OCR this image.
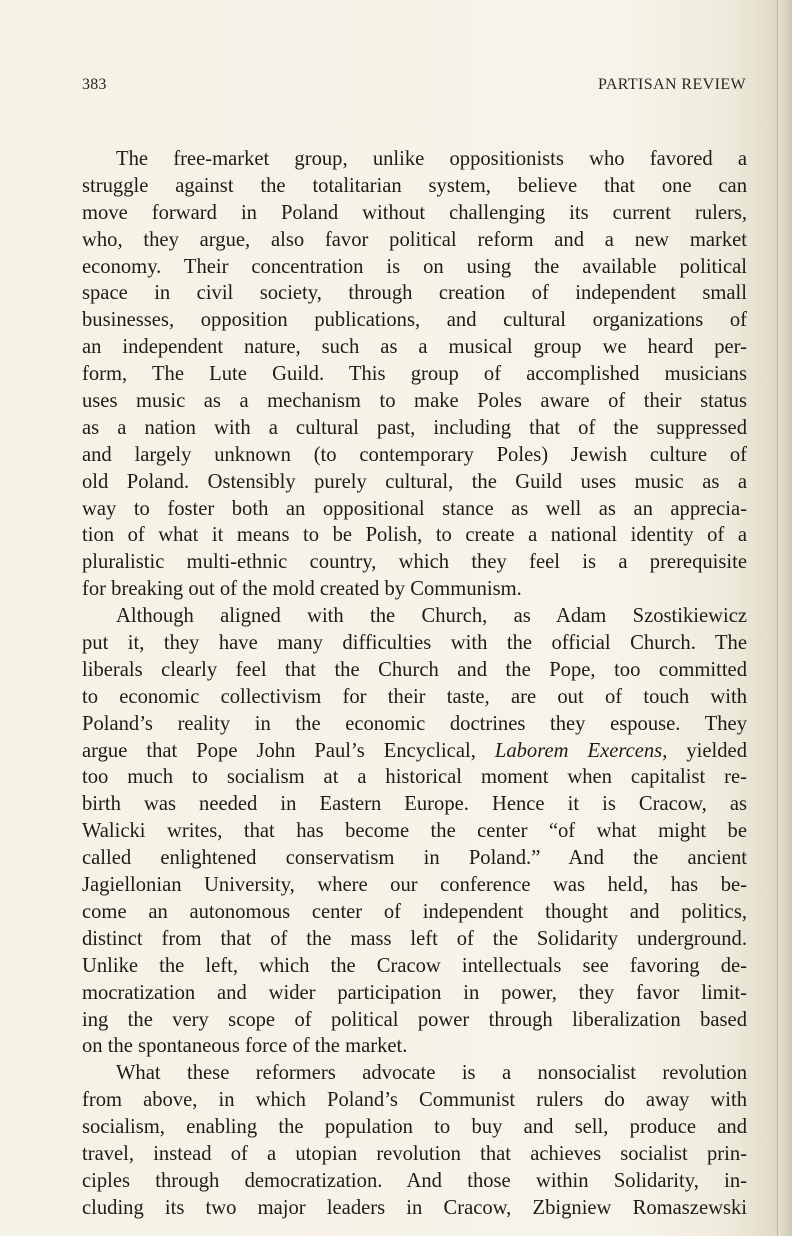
383	PARTISAN REVIEW
The free-market group, unlike oppositionists who favored a
struggle against the totalitarian system, believe that one can
move forward in Poland without challenging its current rulers,
who, they argue, also favor political reform and a new market
economy. Their concentration is on using the available political
space in civil society, through creation of independent small
businesses, opposition publications, and cultural organizations of
an independent nature, such as a musical group we heard per-
form, The Lute Guild. This group of accomplished musicians
uses music as a mechanism to make Poles aware of their status
as a nation with a cultural past, including that of the suppressed
and largely unknown (to contemporary Poles) Jewish culture of
old Poland. Ostensibly purely cultural, the Guild uses music as a
way to foster both an oppositional stance as well as an apprecia-
tion of what it means to be Polish, to create a national identity of a
pluralistic multi-ethnic country, which they feel is a prerequisite
for breaking out of the mold created by Communism.
Although aligned with the Church, as Adam Szostikiewicz
put it, they have many difficulties with the official Church. The
liberals clearly feel that the Church and the Pope, too committed
to economic collectivism for their taste, are out of touch with
Poland’s reality in the economic doctrines they espouse. They
argue that Pope John Paul’s Encyclical, Laborem Exercens, yielded
too much to socialism at a historical moment when capitalist re-
birth was needed in Eastern Europe. Hence it is Cracow, as
Walicki writes, that has become the center “of what might be
called enlightened conservatism in Poland.” And the ancient
Jagiellonian University, where our conference was held, has be-
come an autonomous center of independent thought and politics,
distinct from that of the mass left of the Solidarity underground.
Unlike the left, which the Cracow intellectuals see favoring de-
mocratization and wider participation in power, they favor limit-
ing the very scope of political power through liberalization based
on the spontaneous force of the market.
What these reformers advocate is a nonsocialist revolution
from above, in which Poland’s Communist rulers do away with
socialism, enabling the population to buy and sell, produce and
travel, instead of a utopian revolution that achieves socialist prin-
ciples through democratization. And those within Solidarity, in-
cluding its two major leaders in Cracow, Zbigniew Romaszewski
